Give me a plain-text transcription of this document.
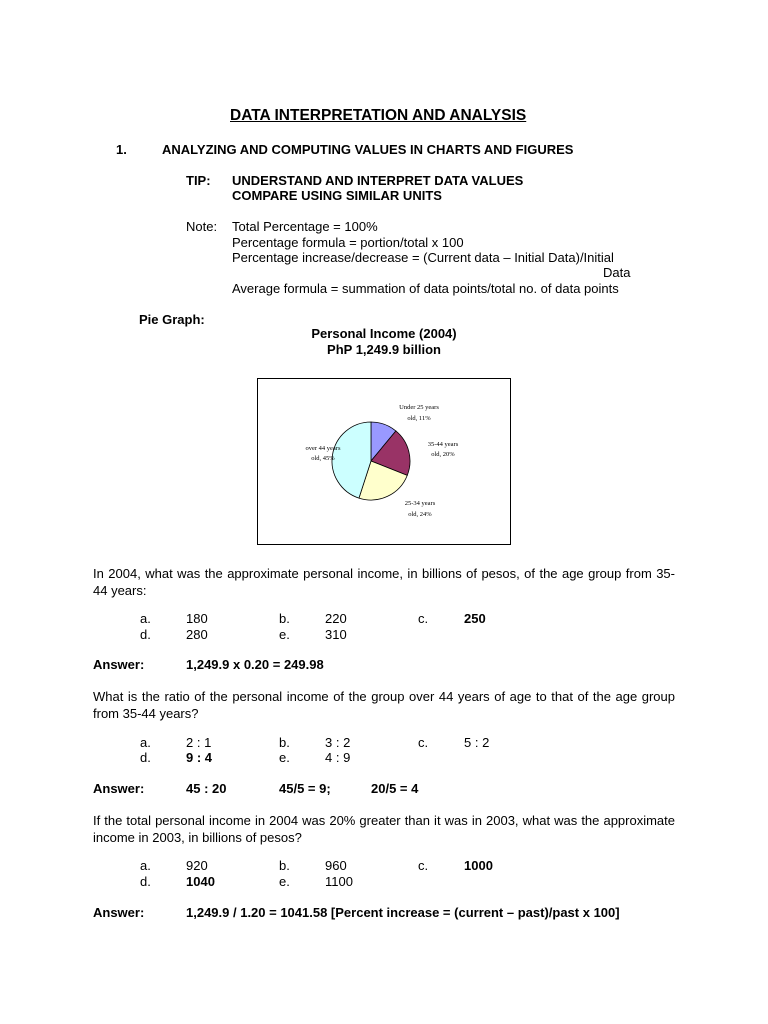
DATA INTERPRETATION AND ANALYSIS
1.	ANALYZING AND COMPUTING VALUES IN CHARTS AND FIGURES
TIP: UNDERSTAND AND INTERPRET DATA VALUES
COMPARE USING SIMILAR UNITS
Note: Total Percentage = 100%
Percentage formula = portion/total x 100
Percentage increase/decrease = (Current data – Initial Data)/Initial
Data
Average formula = summation of data points/total no. of data points
Pie Graph:
Personal Income (2004)
PhP 1,249.9 billion
Under 25 years
old, 11%
35-44 years
old, 20%
25-34 years
old, 24%
over 44 years
old, 45%
In 2004, what was the approximate personal income, in billions of pesos, of the age group from 35-44 years:
a.	180	b.	220	c.	250
d.	280	e.	310
Answer:	1,249.9 x 0.20 = 249.98
What is the ratio of the personal income of the group over 44 years of age to that of the age group from 35-44 years?
a.	2 : 1	b.	3 : 2	c.	5 : 2
d.	9 : 4	e.	4 : 9
Answer:	45 : 20	45/5 = 9;	20/5 = 4
If the total personal income in 2004 was 20% greater than it was in 2003, what was the approximate income in 2003, in billions of pesos?
a.	920	b.	960	c.	1000
d.	1040	e.	1100
Answer:	1,249.9 / 1.20 = 1041.58 [Percent increase = (current – past)/past x 100]
